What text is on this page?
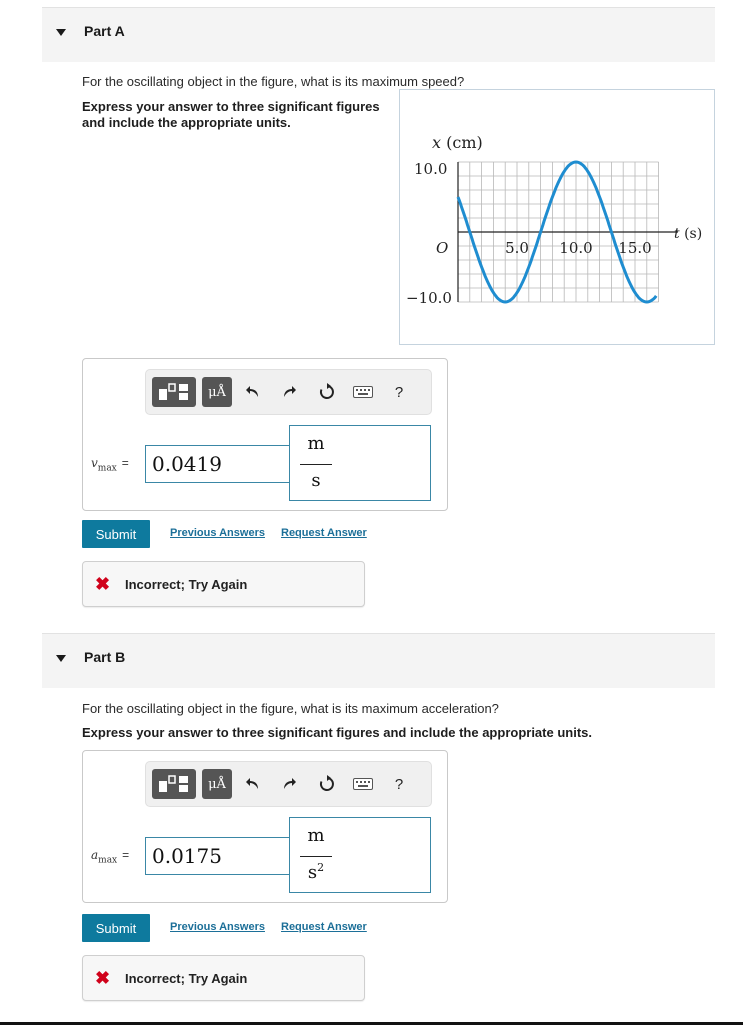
Part A
For the oscillating object in the figure, what is its maximum speed?
Express your answer to three significant figures
and include the appropriate units.
x (cm)
10.0
−10.0
O
t (s)
5.0 10.0 15.0
μÅ	?
$v_{max}$ =	0.0419
m
s
Submit	Previous Answers Request Answer
✖ Incorrect; Try Again
Part B
For the oscillating object in the figure, what is its maximum acceleration?
Express your answer to three significant figures and include the appropriate units.
μÅ	?
$a_{max}$ =	0.0175
m
$s^2$
Submit	Previous Answers Request Answer
✖ Incorrect; Try Again
